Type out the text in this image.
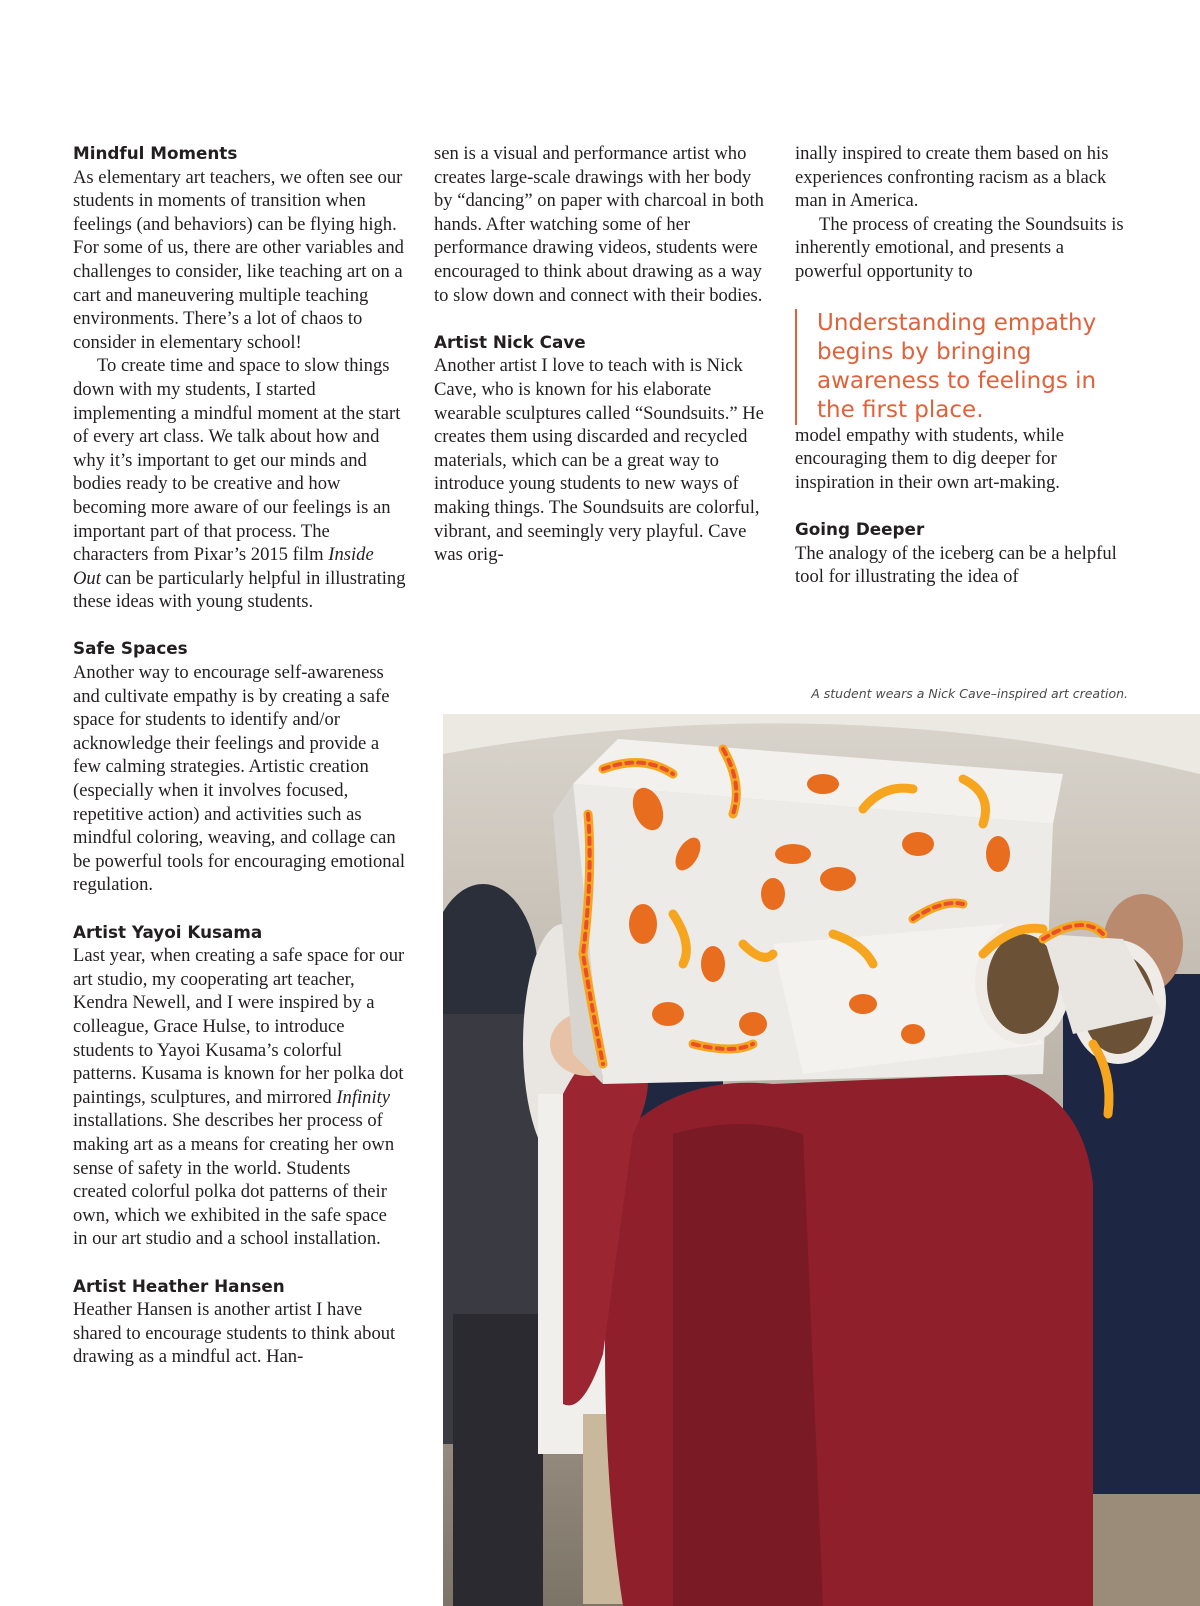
Mindful Moments

As elementary art teachers, we often see our students in moments of transition when feelings (and behaviors) can be flying high. For some of us, there are other variables and challenges to consider, like teaching art on a cart and maneuvering multiple teaching environments. There’s a lot of chaos to consider in elementary school!

To create time and space to slow things down with my students, I started implementing a mindful moment at the start of every art class. We talk about how and why it’s important to get our minds and bodies ready to be creative and how becoming more aware of our feelings is an important part of that process. The characters from Pixar’s 2015 film Inside Out can be particularly helpful in illustrating these ideas with young students.

Safe Spaces

Another way to encourage self-awareness and cultivate empathy is by creating a safe space for students to identify and/or acknowledge their feelings and provide a few calming strategies. Artistic creation (especially when it involves focused, repetitive action) and activities such as mindful coloring, weaving, and collage can be powerful tools for encouraging emotional regulation.

Artist Yayoi Kusama

Last year, when creating a safe space for our art studio, my cooperating art teacher, Kendra Newell, and I were inspired by a colleague, Grace Hulse, to introduce students to Yayoi Kusama’s colorful patterns. Kusama is known for her polka dot paintings, sculptures, and mirrored Infinity installations. She describes her process of making art as a means for creating her own sense of safety in the world. Students created colorful polka dot patterns of their own, which we exhibited in the safe space in our art studio and a school installation.

Artist Heather Hansen

Heather Hansen is another artist I have shared to encourage students to think about drawing as a mindful act. Han-

sen is a visual and performance artist who creates large-scale drawings with her body by “dancing” on paper with charcoal in both hands. After watching some of her performance drawing videos, students were encouraged to think about drawing as a way to slow down and connect with their bodies.

Artist Nick Cave

Another artist I love to teach with is Nick Cave, who is known for his elaborate wearable sculptures called “Soundsuits.” He creates them using discarded and recycled materials, which can be a great way to introduce young students to new ways of making things. The Soundsuits are colorful, vibrant, and seemingly very playful. Cave was orig-

inally inspired to create them based on his experiences confronting racism as a black man in America.

The process of creating the Soundsuits is inherently emotional, and presents a powerful opportunity to

model empathy with students, while encouraging them to dig deeper for inspiration in their own art-making.

Going Deeper

The analogy of the iceberg can be a helpful tool for illustrating the idea of

Understanding empathy begins by bringing awareness to feelings in the first place.
A student wears a Nick Cave–inspired art creation.
